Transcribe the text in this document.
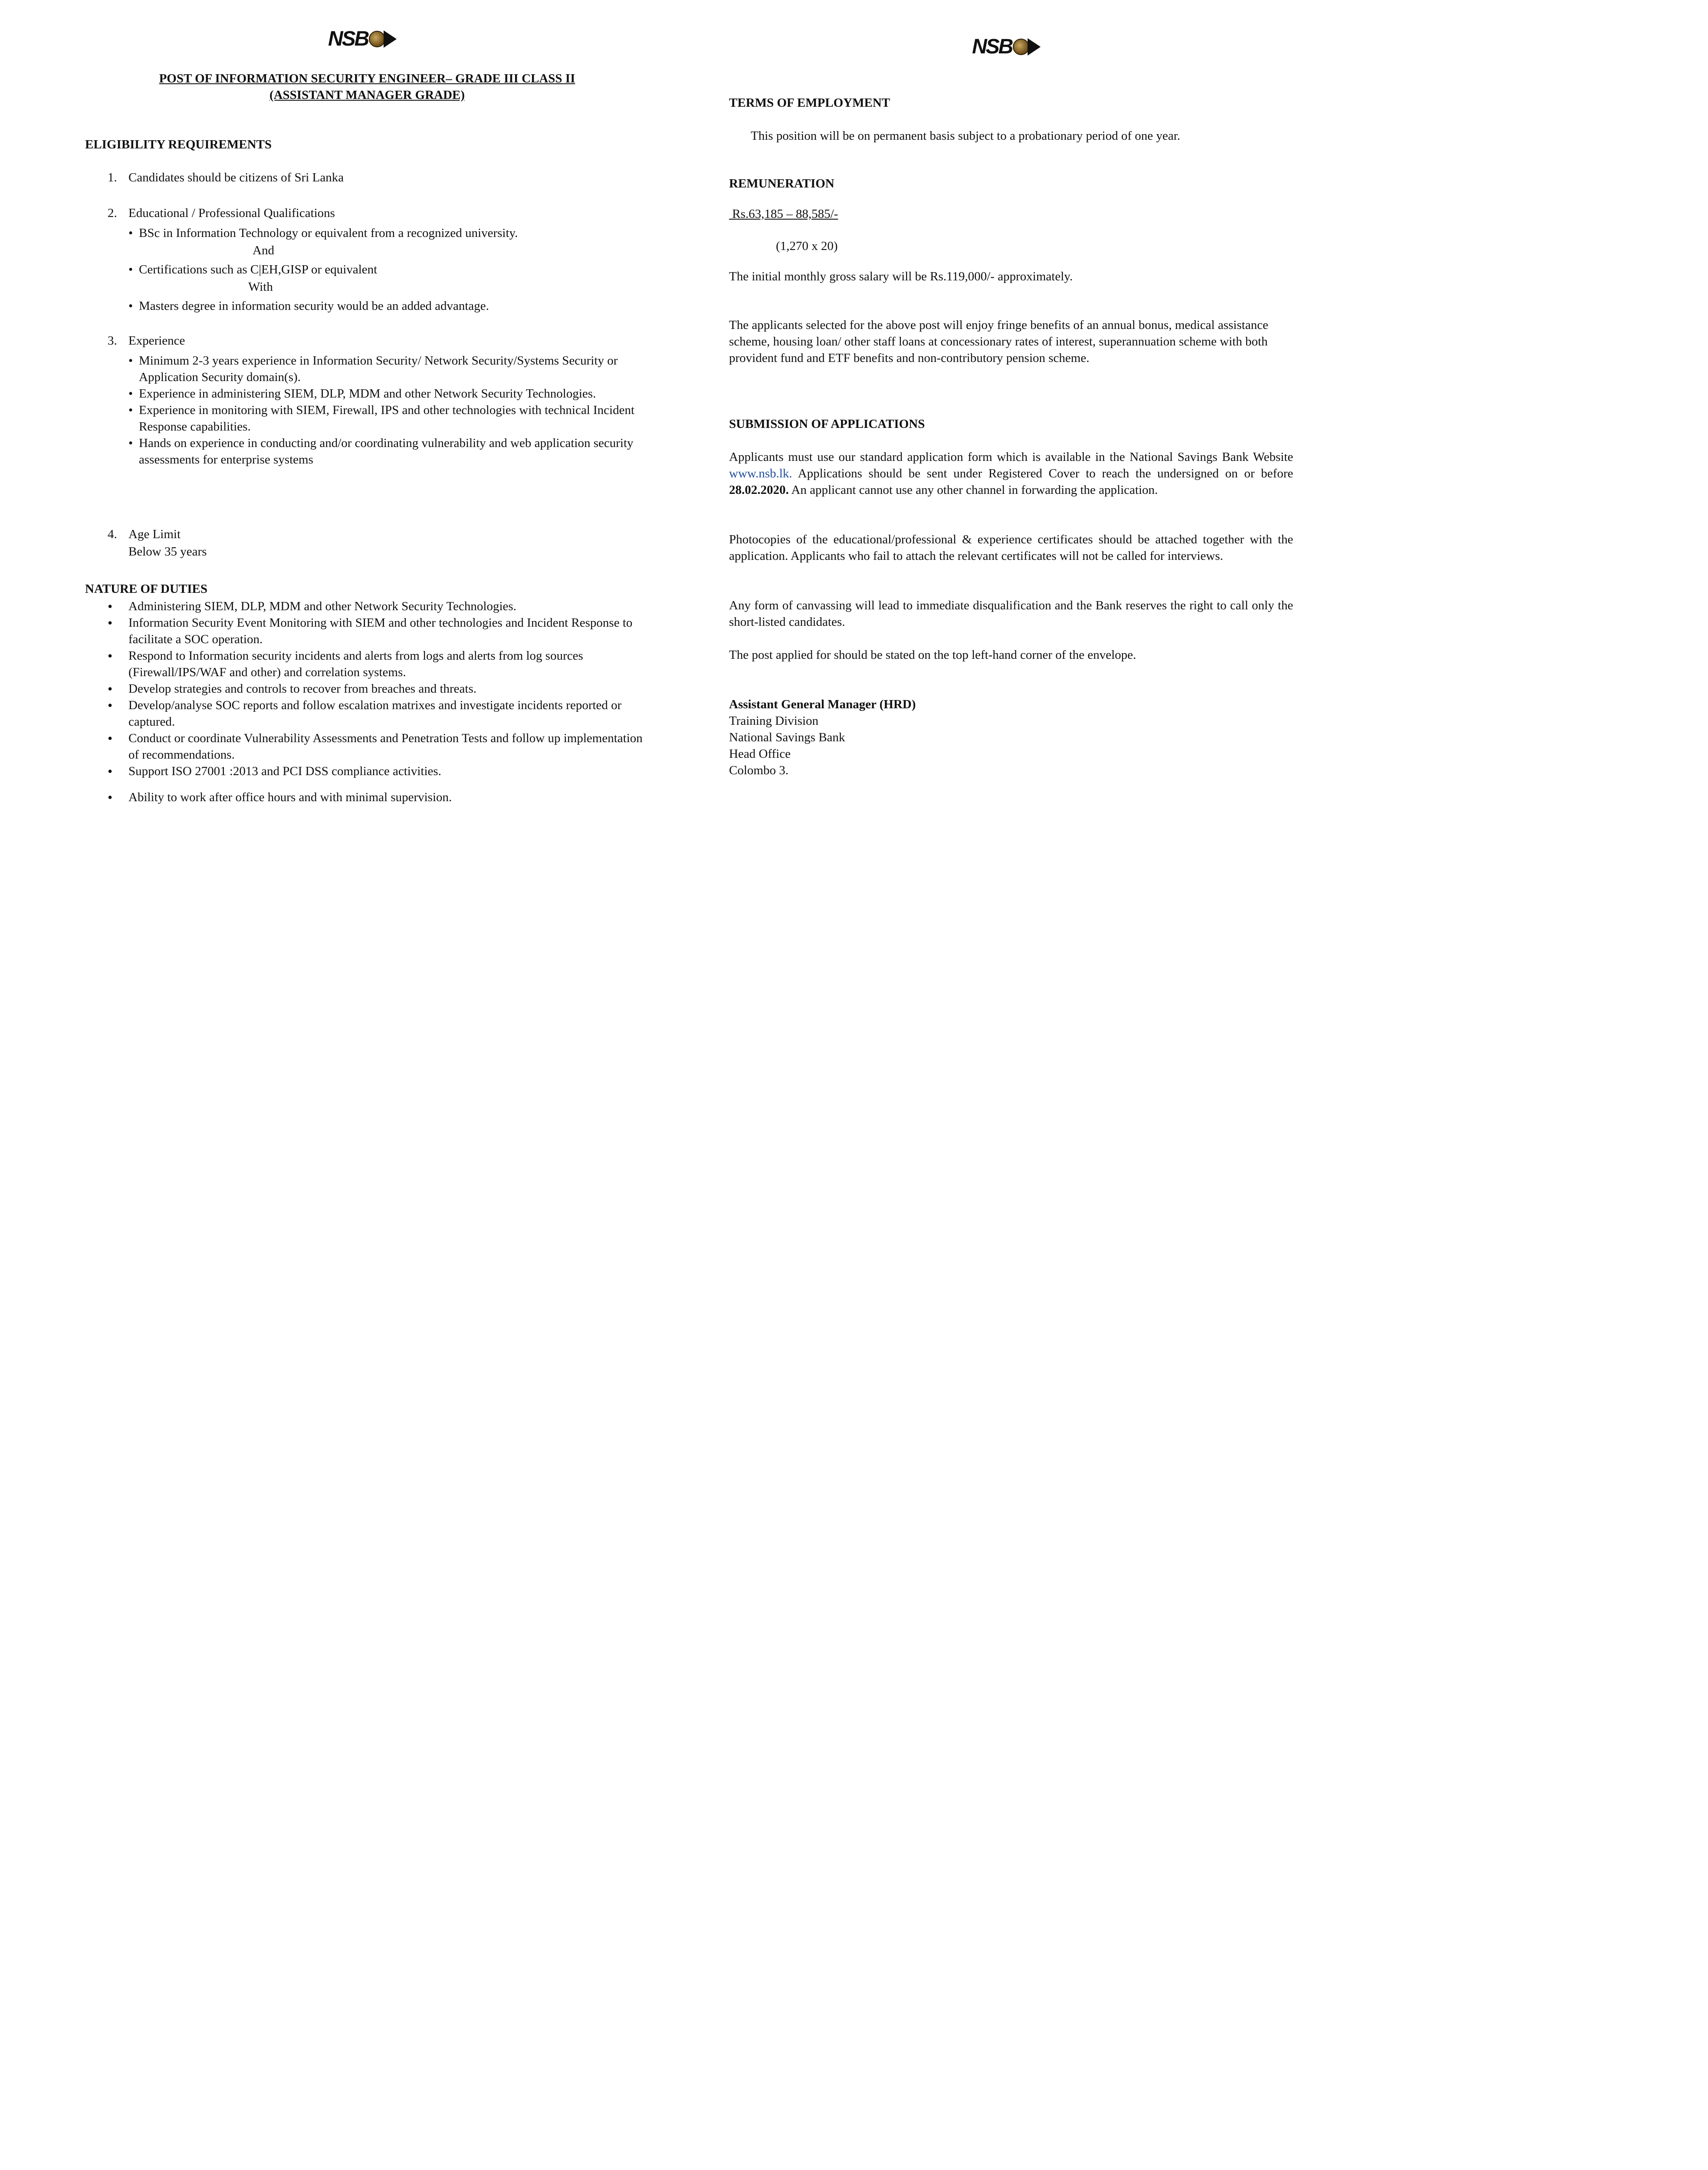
NSB
POST OF INFORMATION SECURITY ENGINEER– GRADE III CLASS II
(ASSISTANT MANAGER GRADE)
ELIGIBILITY REQUIREMENTS
1. Candidates should be citizens of Sri Lanka
2. Educational / Professional Qualifications
• BSc in Information Technology or equivalent from a recognized university.
And
• Certifications such as C|EH,GISP or equivalent
With
• Masters degree in information security would be an added advantage.
3. Experience
• Minimum 2-3 years experience in Information Security/ Network Security/Systems Security or Application Security domain(s).
• Experience in administering SIEM, DLP, MDM and other Network Security Technologies.
• Experience in monitoring with SIEM, Firewall, IPS and other technologies with technical Incident Response capabilities.
• Hands on experience in conducting and/or coordinating vulnerability and web application security assessments for enterprise systems
4. Age Limit
Below 35 years
NATURE OF DUTIES
• Administering SIEM, DLP, MDM and other Network Security Technologies.
• Information Security Event Monitoring with SIEM and other technologies and Incident Response to facilitate a SOC operation.
• Respond to Information security incidents and alerts from logs and alerts from log sources (Firewall/IPS/WAF and other) and correlation systems.
• Develop strategies and controls to recover from breaches and threats.
• Develop/analyse SOC reports and follow escalation matrixes and investigate incidents reported or captured.
• Conduct or coordinate Vulnerability Assessments and Penetration Tests and follow up implementation of recommendations.
• Support ISO 27001 :2013 and PCI DSS compliance activities.
• Ability to work after office hours and with minimal supervision.
NSB
TERMS OF EMPLOYMENT
This position will be on permanent basis subject to a probationary period of one year.
REMUNERATION
Rs.63,185 – 88,585/-
(1,270 x 20)
The initial monthly gross salary will be Rs.119,000/- approximately.
The applicants selected for the above post will enjoy fringe benefits of an annual bonus, medical assistance scheme, housing loan/ other staff loans at concessionary rates of interest, superannuation scheme with both provident fund and ETF benefits and non-contributory pension scheme.
SUBMISSION OF APPLICATIONS
Applicants must use our standard application form which is available in the National Savings Bank Website www.nsb.lk. Applications should be sent under Registered Cover to reach the undersigned on or before 28.02.2020. An applicant cannot use any other channel in forwarding the application.
Photocopies of the educational/professional & experience certificates should be attached together with the application. Applicants who fail to attach the relevant certificates will not be called for interviews.
Any form of canvassing will lead to immediate disqualification and the Bank reserves the right to call only the short-listed candidates.
The post applied for should be stated on the top left-hand corner of the envelope.
Assistant General Manager (HRD)
Training Division
National Savings Bank
Head Office
Colombo 3.
